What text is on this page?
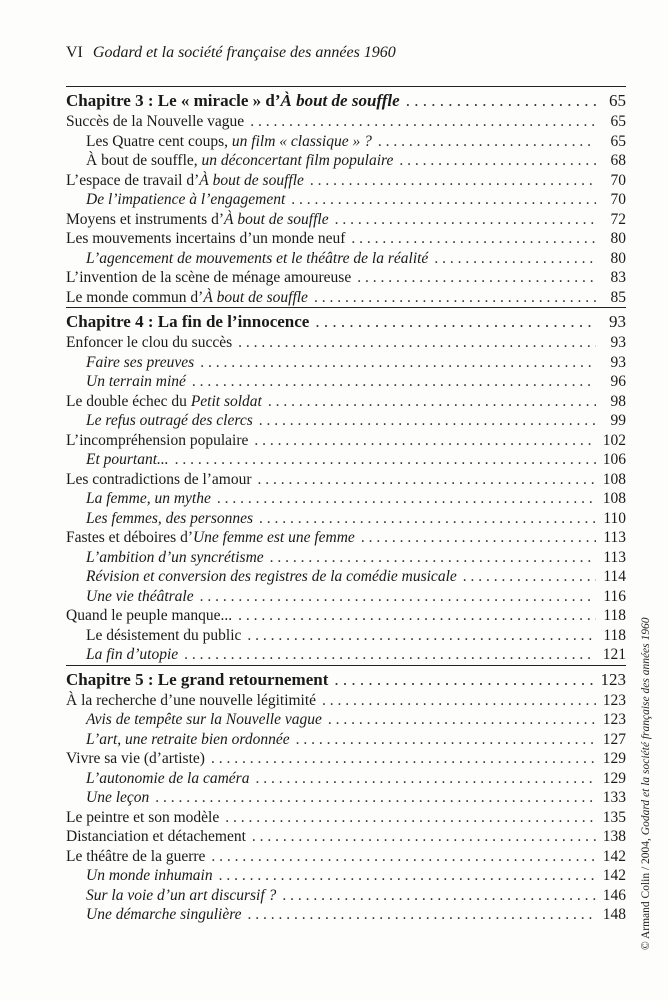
VI Godard et la société française des années 1960
Chapitre 3 : Le « miracle » d’À bout de souffle . . .	65
Succès de la Nouvelle vague . . .	65
Les Quatre cent coups, un film « classique » ? . . .	65
À bout de souffle, un déconcertant film populaire . . .	68
L’espace de travail d’À bout de souffle . . .	70
De l’impatience à l’engagement . . .	70
Moyens et instruments d’À bout de souffle . . .	72
Les mouvements incertains d’un monde neuf . . .	80
L’agencement de mouvements et le théâtre de la réalité . . .	80
L’invention de la scène de ménage amoureuse . . .	83
Le monde commun d’À bout de souffle . . .	85
Chapitre 4 : La fin de l’innocence . . .	93
Enfoncer le clou du succès . . .	93
Faire ses preuves . . .	93
Un terrain miné . . .	96
Le double échec du Petit soldat . . .	98
Le refus outragé des clercs . . .	99
L’incompréhension populaire . . .	102
Et pourtant... . . .	106
Les contradictions de l’amour . . .	108
La femme, un mythe . . .	108
Les femmes, des personnes . . .	110
Fastes et déboires d’Une femme est une femme . . .	113
L’ambition d’un syncrétisme . . .	113
Révision et conversion des registres de la comédie musicale . . .	114
Une vie théâtrale . . .	116
Quand le peuple manque... . . .	118
Le désistement du public . . .	118
La fin d’utopie . . .	121
Chapitre 5 : Le grand retournement . . .	123
À la recherche d’une nouvelle légitimité . . .	123
Avis de tempête sur la Nouvelle vague . . .	123
L’art, une retraite bien ordonnée . . .	127
Vivre sa vie (d’artiste) . . .	129
L’autonomie de la caméra . . .	129
Une leçon . . .	133
Le peintre et son modèle . . .	135
Distanciation et détachement . . .	138
Le théâtre de la guerre . . .	142
Un monde inhumain . . .	142
Sur la voie d’un art discursif ? . . .	146
Une démarche singulière . . .	148 © Armand Colin / 2004, Godard et la société française des années 1960
